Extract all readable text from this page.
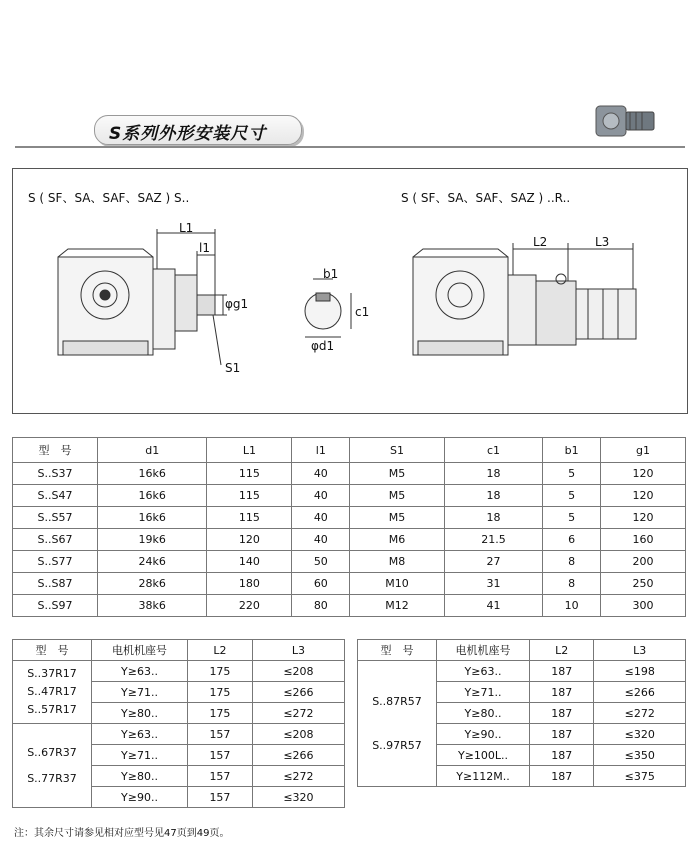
S系列外形安装尺寸
S ( SF、SA、SAF、SAZ ) S..	S ( SF、SA、SAF、SAZ ) ..R..
L1
l1
φg1
S1
b1
c1
φd1
L2	L3
型　号	d1	L1	l1	S1	c1	b1	g1
S..S37	16k6	115	40	M5	18	5	120
S..S47	16k6	115	40	M5	18	5	120
S..S57	16k6	115	40	M5	18	5	120
S..S67	19k6	120	40	M6	21.5	6	160
S..S77	24k6	140	50	M8	27	8	200
S..S87	28k6	180	60	M10	31	8	250
S..S97	38k6	220	80	M12	41	10	300
型　号	电机机座号	L2	L3

S..37R17
S..47R17
S..57R17	Y≥63..	175	≤208
	Y≥71..	175	≤266
	Y≥80..	175	≤272

S..67R37
S..77R37	Y≥63..	157	≤208
	Y≥71..	157	≤266
	Y≥80..	157	≤272
	Y≥90..	157	≤320
型　号	电机机座号	L2	L3

S..87R57
S..97R57	Y≥63..	187	≤198
	Y≥71..	187	≤266
	Y≥80..	187	≤272
	Y≥90..	187	≤320
	Y≥100L..	187	≤350
	Y≥112M..	187	≤375
注：其余尺寸请参见相对应型号见47页到49页。
